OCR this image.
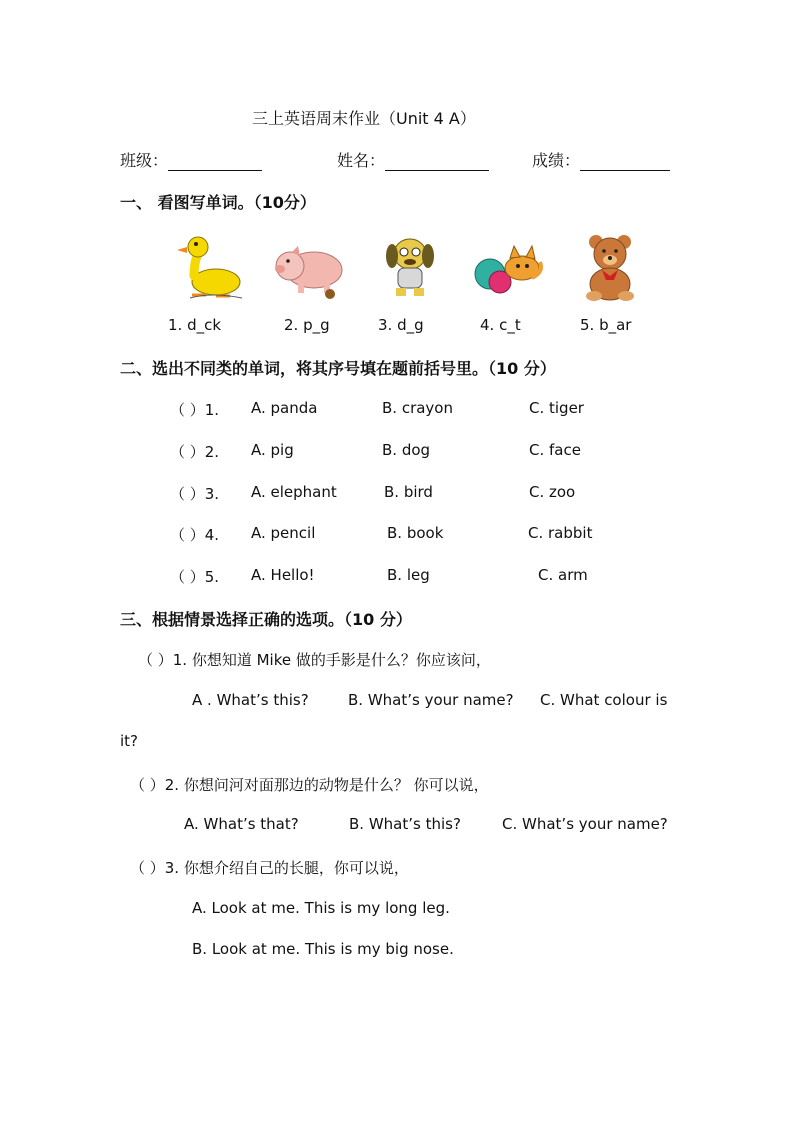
三上英语周末作业（Unit 4 A）
班级：	姓名：	成绩：
一、 看图写单词。（10分）
1. d_ck	2. p_g	3. d_g	4. c_t	5. b_ar
二、选出不同类的单词，将其序号填在题前括号里。（10 分）
（ ）1. A. panda	B. crayon	C. tiger
（ ）2. A. pig	B. dog	C. face
（ ）3. A. elephant	B. bird	C. zoo
（ ）4. A. pencil	B. book	C. rabbit
（ ）5. A. Hello!	B. leg	C. arm
三、根据情景选择正确的选项。（10 分）
（ ）1. 你想知道 Mike 做的手影是什么？你应该问，
A . What’s this?	B. What’s your name? C. What colour is
it?
（ ）2. 你想问河对面那边的动物是什么？ 你可以说，
A. What’s that?	B. What’s this?	C. What’s your name?
（ ）3. 你想介绍自己的长腿，你可以说，
A. Look at me. This is my long leg.
B. Look at me. This is my big nose.
